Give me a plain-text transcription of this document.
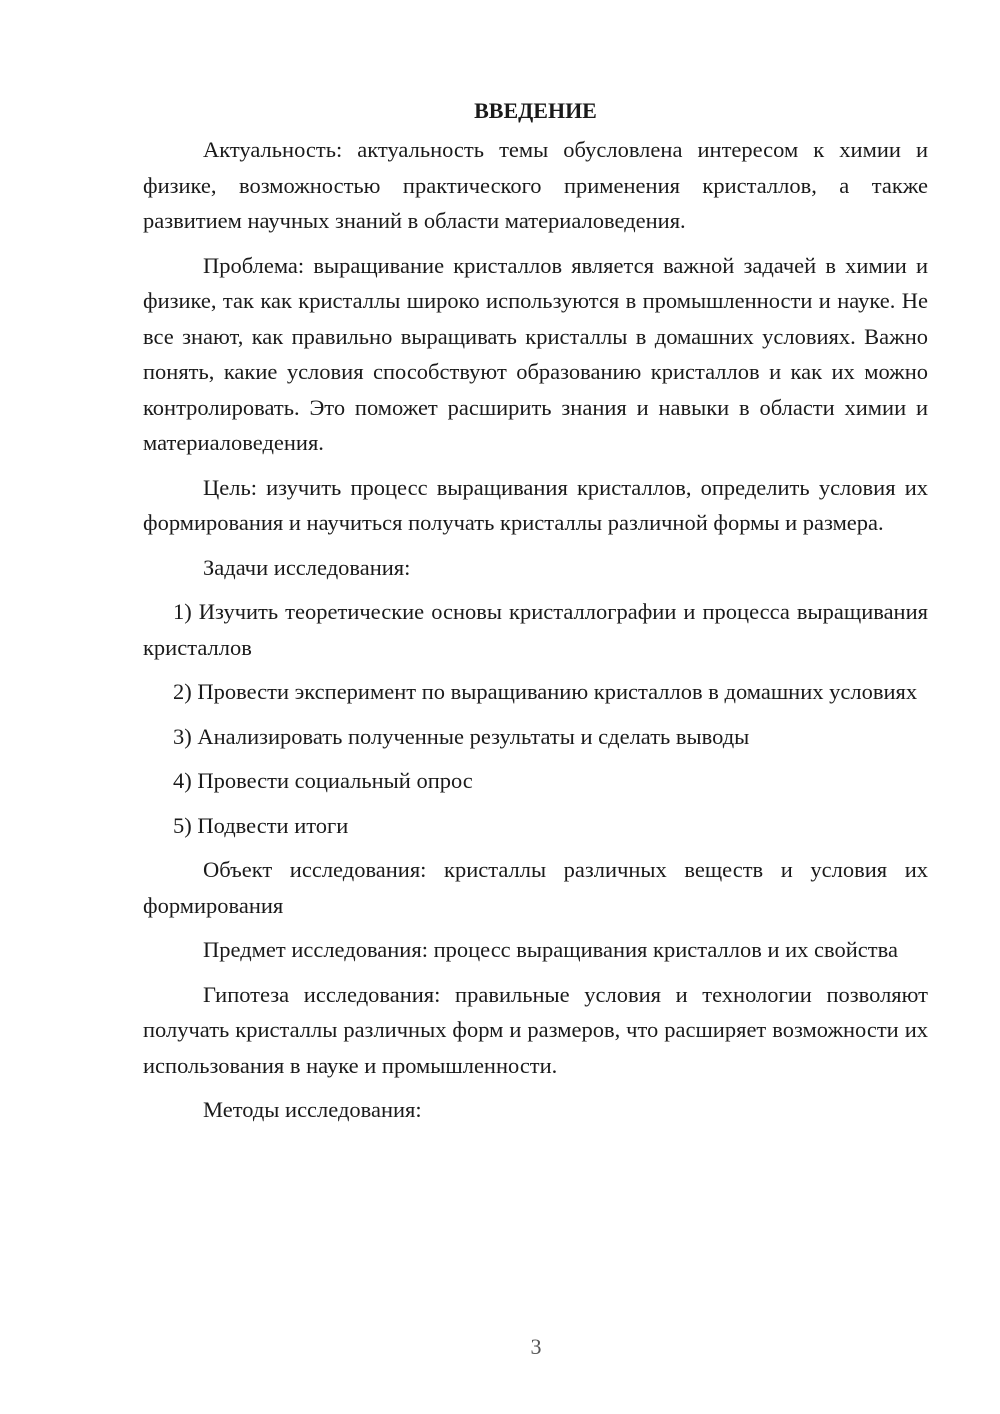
ВВЕДЕНИЕ

Актуальность: актуальность темы обусловлена интересом к химии и физике, возможностью практического применения кристаллов, а также развитием научных знаний в области материаловедения.

Проблема: выращивание кристаллов является важной задачей в химии и физике, так как кристаллы широко используются в промышленности и науке. Не все знают, как правильно выращивать кристаллы в домашних условиях. Важно понять, какие условия способствуют образованию кристаллов и как их можно контролировать. Это поможет расширить знания и навыки в области химии и материаловедения.

Цель: изучить процесс выращивания кристаллов, определить условия их формирования и научиться получать кристаллы различной формы и размера.

Задачи исследования:

1) Изучить теоретические основы кристаллографии и процесса выращивания кристаллов

2) Провести эксперимент по выращиванию кристаллов в домашних условиях

3) Анализировать полученные результаты и сделать выводы

4) Провести социальный опрос

5) Подвести итоги

Объект исследования: кристаллы различных веществ и условия их формирования

Предмет исследования: процесс выращивания кристаллов и их свойства

Гипотеза исследования: правильные условия и технологии позволяют получать кристаллы различных форм и размеров, что расширяет возможности их использования в науке и промышленности.

Методы исследования:

3
